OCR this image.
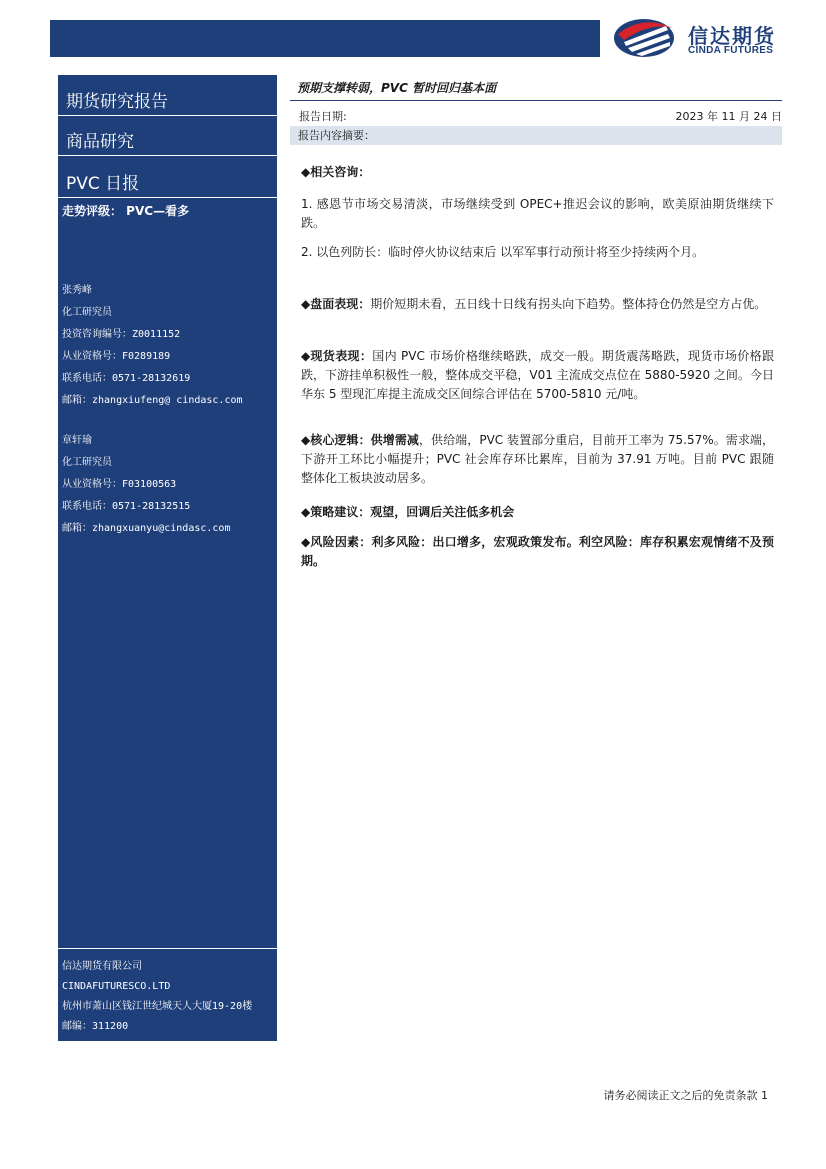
信达期货
CINDA FUTURES
期货研究报告
商品研究
PVC 日报
走势评级： PVC—看多
张秀峰
化工研究员
投资咨询编号：Z0011152
从业资格号：F0289189
联系电话：0571-28132619
邮箱：zhangxiufeng@ cindasc.com
章轩瑜
化工研究员
从业资格号：F03100563
联系电话：0571-28132515
邮箱：zhangxuanyu@cindasc.com
信达期货有限公司
CINDAFUTURESCO.LTD
杭州市萧山区钱江世纪城天人大厦19-20楼
邮编：311200
预期支撑转弱，PVC 暂时回归基本面
报告日期:	2023 年 11 月 24 日
报告内容摘要：
◆相关咨询：
1. 感恩节市场交易清淡，市场继续受到 OPEC+推迟会议的影响，欧美原油期货继续下跌。
2. 以色列防长：临时停火协议结束后 以军军事行动预计将至少持续两个月。
◆盘面表现：期价短期未看，五日线十日线有拐头向下趋势。整体持仓仍然是空方占优。
◆现货表现：国内 PVC 市场价格继续略跌，成交一般。期货震荡略跌，现货市场价格跟跌，下游挂单积极性一般，整体成交平稳，V01 主流成交点位在 5880-5920 之间。今日华东 5 型现汇库提主流成交区间综合评估在 5700-5810 元/吨。
◆核心逻辑：供增需减，供给端，PVC 装置部分重启，目前开工率为 75.57%。需求端，下游开工环比小幅提升；PVC 社会库存环比累库，目前为 37.91 万吨。目前 PVC 跟随整体化工板块波动居多。
◆策略建议：观望，回调后关注低多机会
◆风险因素：利多风险：出口增多，宏观政策发布。利空风险：库存积累宏观情绪不及预期。
请务必阅读正文之后的免责条款 1
